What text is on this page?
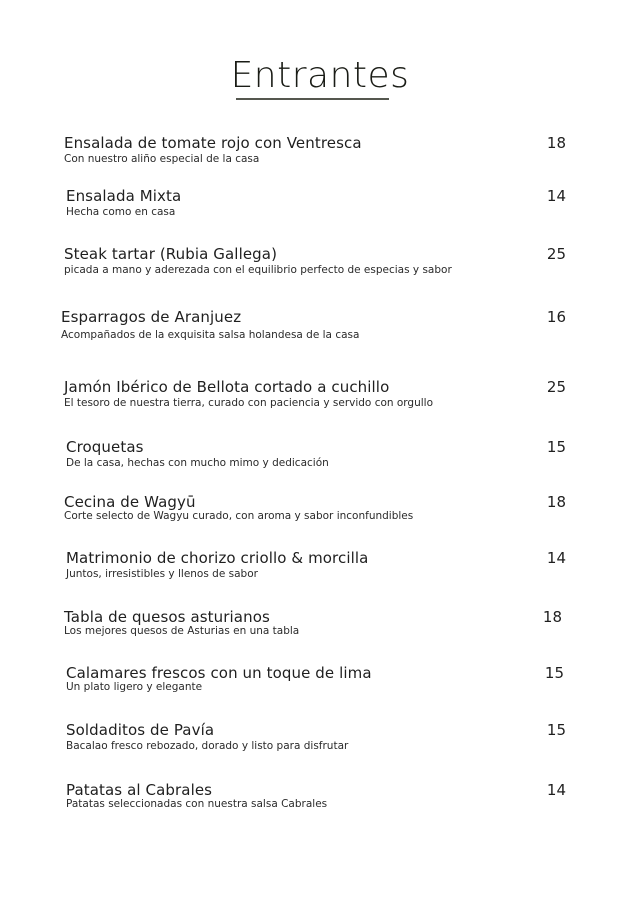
Entrantes
Ensalada de tomate rojo con Ventresca
Con nuestro aliño especial de la casa
18
Ensalada Mixta
Hecha como en casa
14
Steak tartar (Rubia Gallega)
picada a mano y aderezada con el equilibrio perfecto de especias y sabor
25
Esparragos de Aranjuez
Acompañados de la exquisita salsa holandesa de la casa
16
Jamón Ibérico de Bellota cortado a cuchillo
El tesoro de nuestra tierra, curado con paciencia y servido con orgullo
25
Croquetas
De la casa, hechas con mucho mimo y dedicación
15
Cecina de Wagyū
Corte selecto de Wagyu curado, con aroma y sabor inconfundibles
18
Matrimonio de chorizo criollo & morcilla
Juntos, irresistibles y llenos de sabor
14
Tabla de quesos asturianos
Los mejores quesos de Asturias en una tabla
18
Calamares frescos con un toque de lima
Un plato ligero y elegante
15
Soldaditos de Pavía
Bacalao fresco rebozado, dorado y listo para disfrutar
15
Patatas al Cabrales
Patatas seleccionadas con nuestra salsa Cabrales
14
